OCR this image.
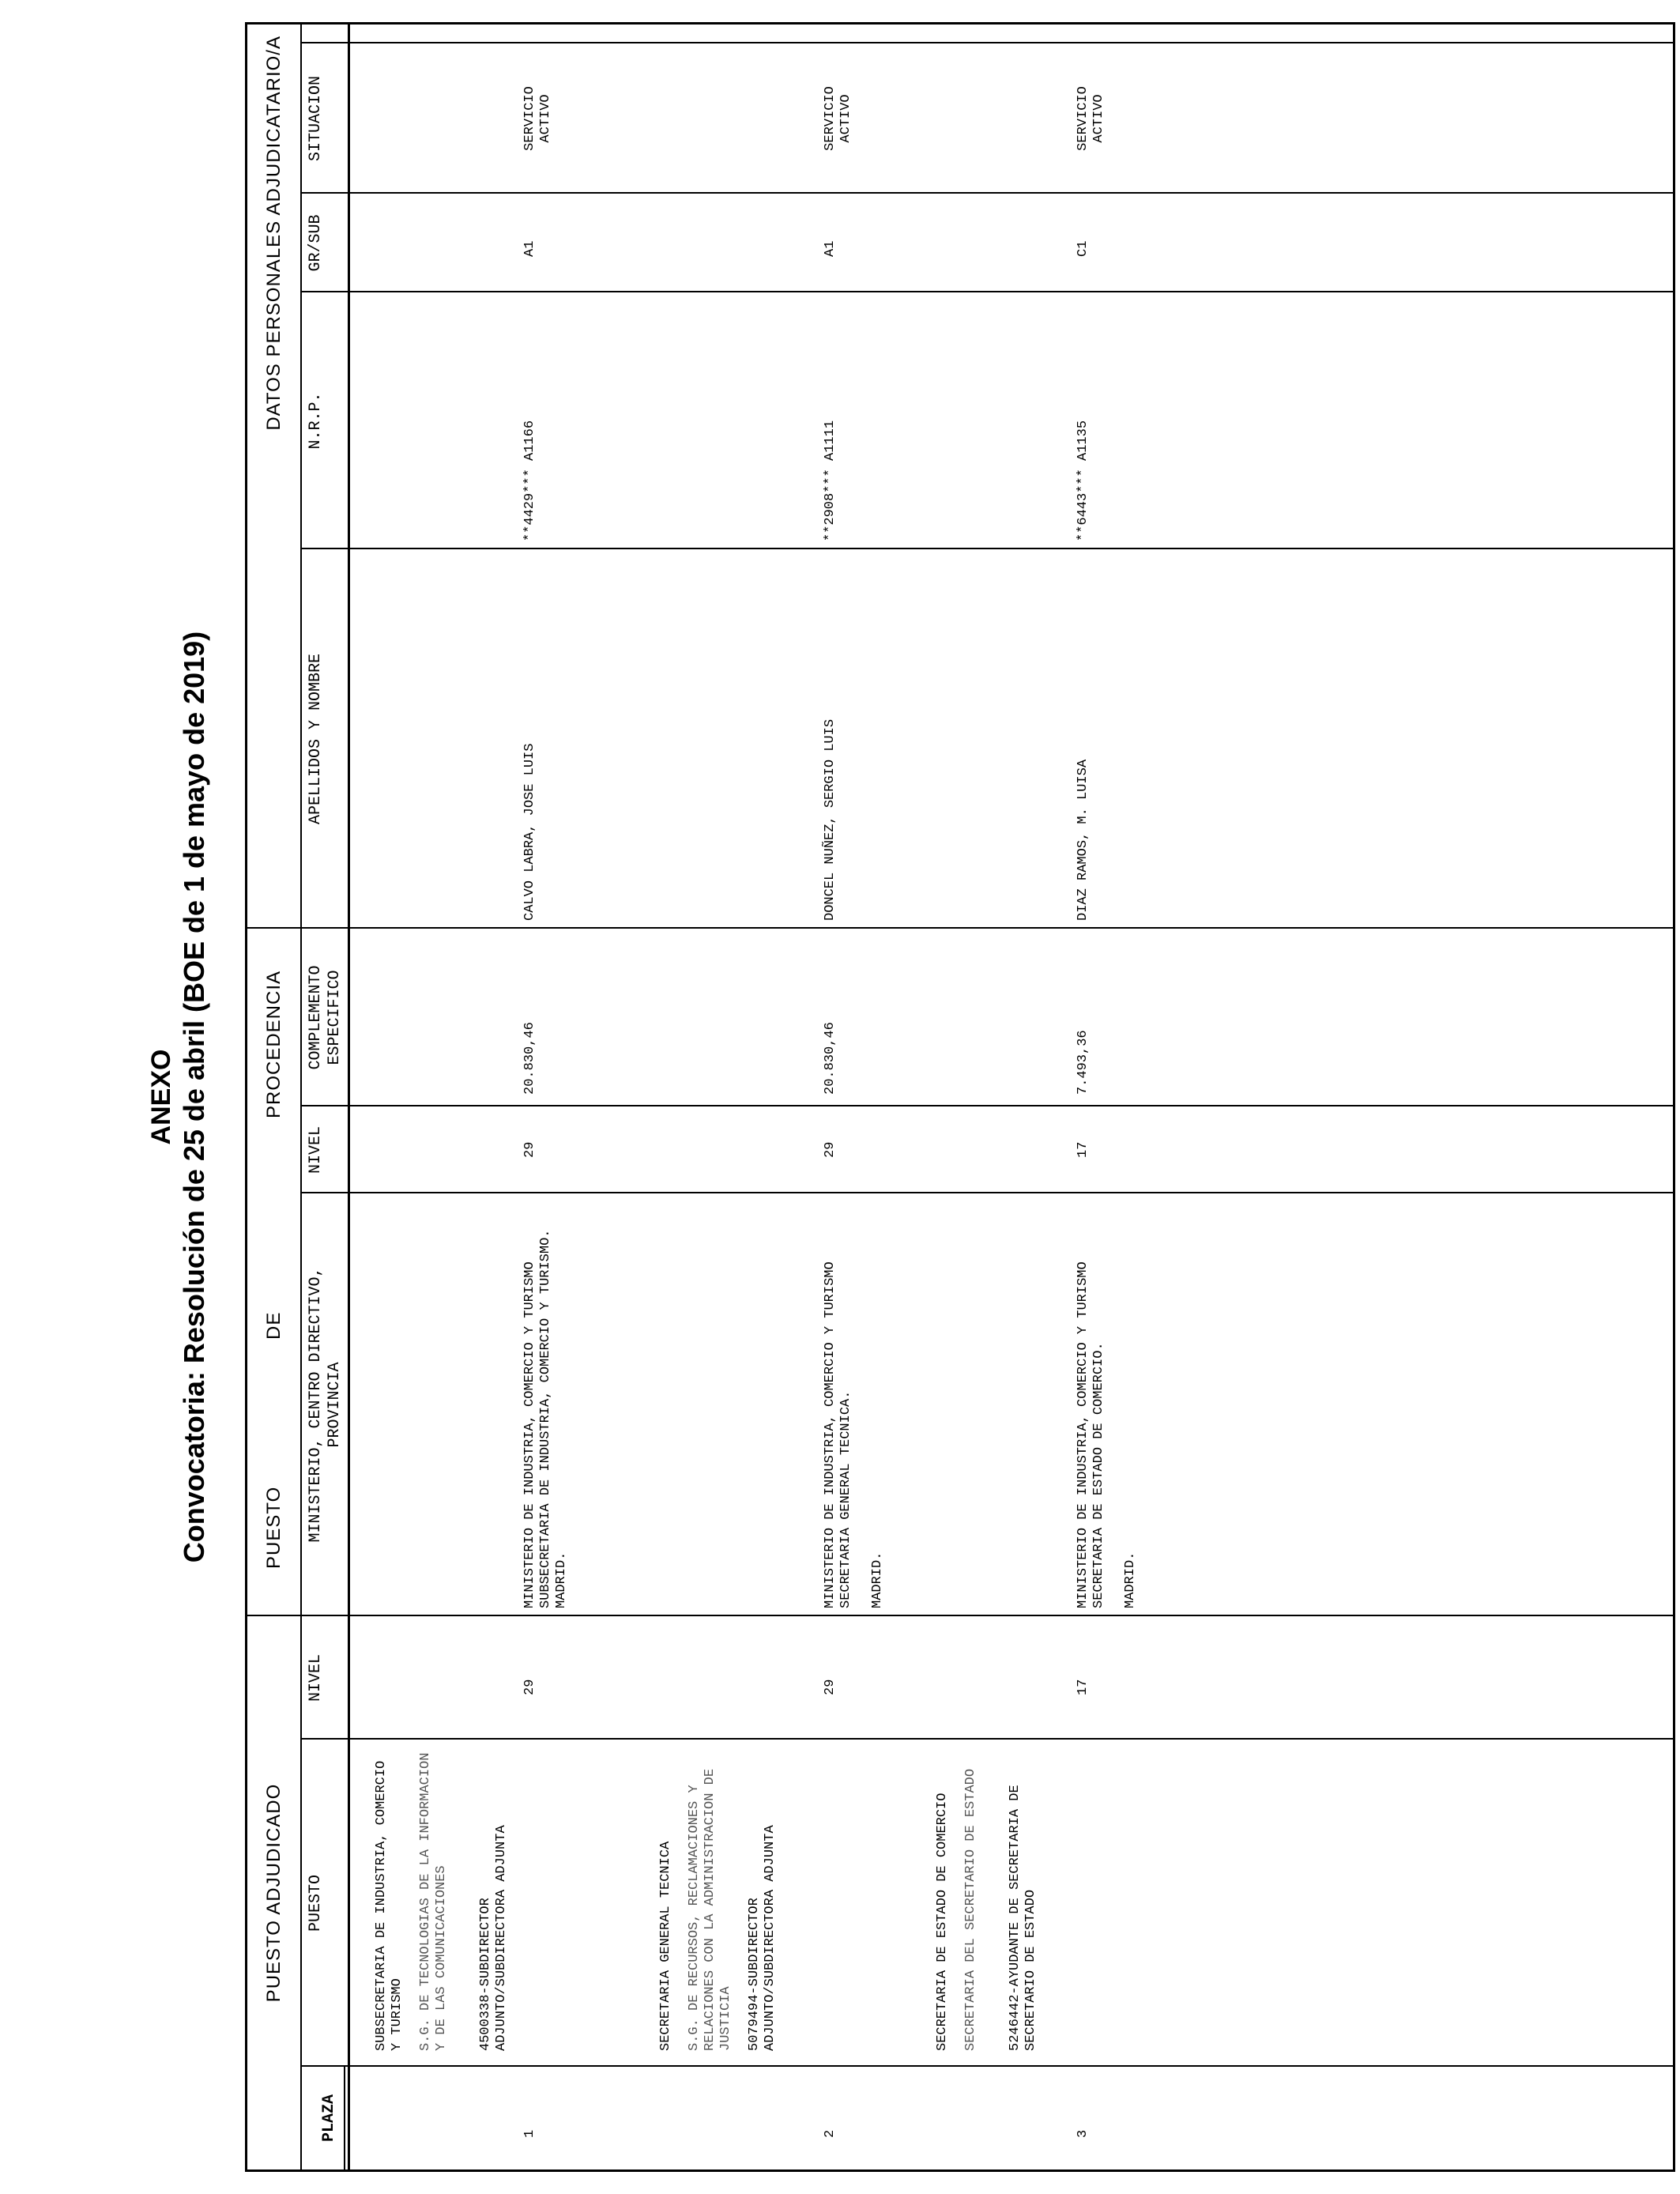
ANEXO Convocatoria: Resolución de 25 de abril (BOE de 1 de mayo de 2019)
PUESTO ADJUDICADO
PUESTO
DE
PROCEDENCIA
DATOS PERSONALES ADJUDICATARIO/A
PLAZA
PUESTO
NIVEL
MINISTERIO, CENTRO DIRECTIVO,
PROVINCIA
NIVEL
COMPLEMENTO
ESPECIFICO
APELLIDOS Y NOMBRE
N.R.P.
GR/SUB
SITUACION

SUBSECRETARIA DE INDUSTRIA, COMERCIO Y TURISMO S.G. DE TECNOLOGIAS DE LA INFORMACION Y DE LAS COMUNICACIONES 4500338-SUBDIRECTOR ADJUNTO/SUBDIRECTORA ADJUNTA

1
29

MINISTERIO DE INDUSTRIA, COMERCIO Y TURISMO SUBSECRETARIA DE INDUSTRIA, COMERCIO Y TURISMO. MADRID.

29
20.830,46
CALVO LABRA, JOSE LUIS
**4429*** A1166
A1
SERVICIO
ACTIVO

SECRETARIA GENERAL TECNICA S.G. DE RECURSOS, RECLAMACIONES Y RELACIONES CON LA ADMINISTRACION DE JUSTICIA 5079494-SUBDIRECTOR ADJUNTO/SUBDIRECTORA ADJUNTA

2
29

MINISTERIO DE INDUSTRIA, COMERCIO Y TURISMO SECRETARIA GENERAL TECNICA. MADRID.

29
20.830,46
DONCEL NUÑEZ, SERGIO LUIS
**2908*** A1111
A1
SERVICIO
ACTIVO

SECRETARIA DE ESTADO DE COMERCIO SECRETARIA DEL SECRETARIO DE ESTADO 5246442-AYUDANTE DE SECRETARIA DE SECRETARIO DE ESTADO

3
17

MINISTERIO DE INDUSTRIA, COMERCIO Y TURISMO SECRETARIA DE ESTADO DE COMERCIO. MADRID.

17
7.493,36
DIAZ RAMOS, M. LUISA
**6443*** A1135
C1
SERVICIO
ACTIVO
